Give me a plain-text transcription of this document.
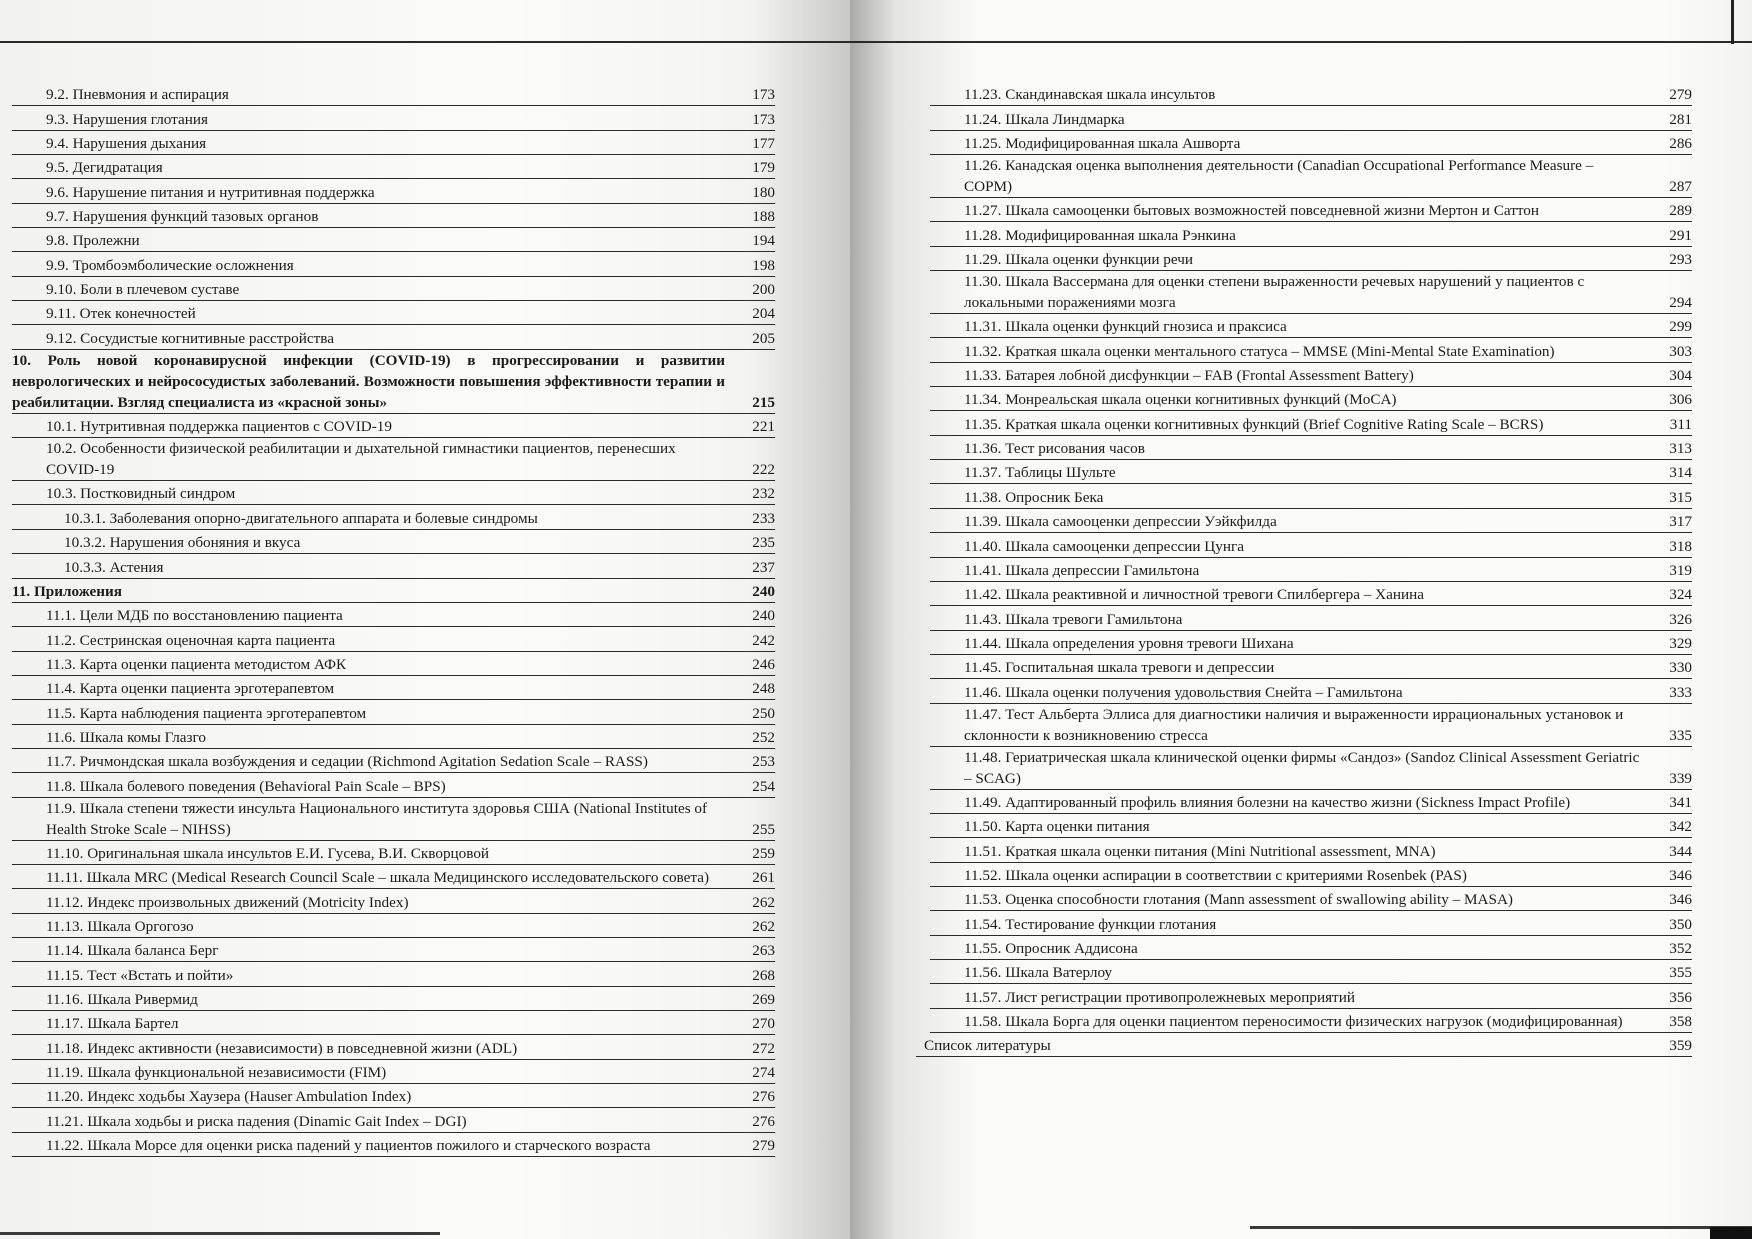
9.2. Пневмония и аспирация	173
9.3. Нарушения глотания	173
9.4. Нарушения дыхания	177
9.5. Дегидратация	179
9.6. Нарушение питания и нутритивная поддержка	180
9.7. Нарушения функций тазовых органов	188
9.8. Пролежни	194
9.9. Тромбоэмболические осложнения	198
9.10. Боли в плечевом суставе	200
9.11. Отек конечностей	204
9.12. Сосудистые когнитивные расстройства	205
10. Роль новой коронавирусной инфекции (COVID-19) в прогрессировании и развитии неврологических и нейрососудистых заболеваний. Возможности повышения эффективности терапии и реабилитации. Взгляд специалиста из «красной зоны»	215
10.1. Нутритивная поддержка пациентов с COVID-19	221
10.2. Особенности физической реабилитации и дыхательной гимнастики пациентов, перенесших COVID-19	222
10.3. Постковидный синдром	232
10.3.1. Заболевания опорно-двигательного аппарата и болевые синдромы	233
10.3.2. Нарушения обоняния и вкуса	235
10.3.3. Астения	237
11. Приложения	240
11.1. Цели МДБ по восстановлению пациента	240
11.2. Сестринская оценочная карта пациента	242
11.3. Карта оценки пациента методистом АФК	246
11.4. Карта оценки пациента эрготерапевтом	248
11.5. Карта наблюдения пациента эрготерапевтом	250
11.6. Шкала комы Глазго	252
11.7. Ричмондская шкала возбуждения и седации (Richmond Agitation Sedation Scale – RASS)	253
11.8. Шкала болевого поведения (Behavioral Pain Scale – BPS)	254
11.9. Шкала степени тяжести инсульта Национального института здоровья США (National Institutes of Health Stroke Scale – NIHSS)	255
11.10. Оригинальная шкала инсультов Е.И. Гусева, В.И. Скворцовой	259
11.11. Шкала MRC (Medical Research Council Scale – шкала Медицинского исследовательского совета)	261
11.12. Индекс произвольных движений (Motricity Index)	262
11.13. Шкала Оргогозо	262
11.14. Шкала баланса Берг	263
11.15. Тест «Встать и пойти»	268
11.16. Шкала Ривермид	269
11.17. Шкала Бартел	270
11.18. Индекс активности (независимости) в повседневной жизни (ADL)	272
11.19. Шкала функциональной независимости (FIM)	274
11.20. Индекс ходьбы Хаузера (Hauser Ambulation Index)	276
11.21. Шкала ходьбы и риска падения (Dinamic Gait Index – DGI)	276
11.22. Шкала Морсе для оценки риска падений у пациентов пожилого и старческого возраста	279
11.23. Скандинавская шкала инсультов	279
11.24. Шкала Линдмарка	281
11.25. Модифицированная шкала Ашворта	286
11.26. Канадская оценка выполнения деятельности (Canadian Occupational Performance Measure – COPM)	287
11.27. Шкала самооценки бытовых возможностей повседневной жизни Мертон и Саттон	289
11.28. Модифицированная шкала Рэнкина	291
11.29. Шкала оценки функции речи	293
11.30. Шкала Вассермана для оценки степени выраженности речевых нарушений у пациентов с локальными поражениями мозга	294
11.31. Шкала оценки функций гнозиса и праксиса	299
11.32. Краткая шкала оценки ментального статуса – MMSE (Mini-Mental State Examination)	303
11.33. Батарея лобной дисфункции – FAB (Frontal Assessment Battery)	304
11.34. Монреальская шкала оценки когнитивных функций (MoCA)	306
11.35. Краткая шкала оценки когнитивных функций (Brief Cognitive Rating Scale – BCRS)	311
11.36. Тест рисования часов	313
11.37. Таблицы Шульте	314
11.38. Опросник Бека	315
11.39. Шкала самооценки депрессии Уэйкфилда	317
11.40. Шкала самооценки депрессии Цунга	318
11.41. Шкала депрессии Гамильтона	319
11.42. Шкала реактивной и личностной тревоги Спилбергера – Ханина	324
11.43. Шкала тревоги Гамильтона	326
11.44. Шкала определения уровня тревоги Шихана	329
11.45. Госпитальная шкала тревоги и депрессии	330
11.46. Шкала оценки получения удовольствия Снейта – Гамильтона	333
11.47. Тест Альберта Эллиса для диагностики наличия и выраженности иррациональных установок и склонности к возникновению стресса	335
11.48. Гериатрическая шкала клинической оценки фирмы «Сандоз» (Sandoz Clinical Assessment Geriatric – SCAG)	339
11.49. Адаптированный профиль влияния болезни на качество жизни (Sickness Impact Profile)	341
11.50. Карта оценки питания	342
11.51. Краткая шкала оценки питания (Mini Nutritional assessment, MNA)	344
11.52. Шкала оценки аспирации в соответствии с критериями Rosenbek (PAS)	346
11.53. Оценка способности глотания (Mann assessment of swallowing ability – MASA)	346
11.54. Тестирование функции глотания	350
11.55. Опросник Аддисона	352
11.56. Шкала Ватерлоу	355
11.57. Лист регистрации противопролежневых мероприятий	356
11.58. Шкала Борга для оценки пациентом переносимости физических нагрузок (модифицированная)	358
Список литературы	359
